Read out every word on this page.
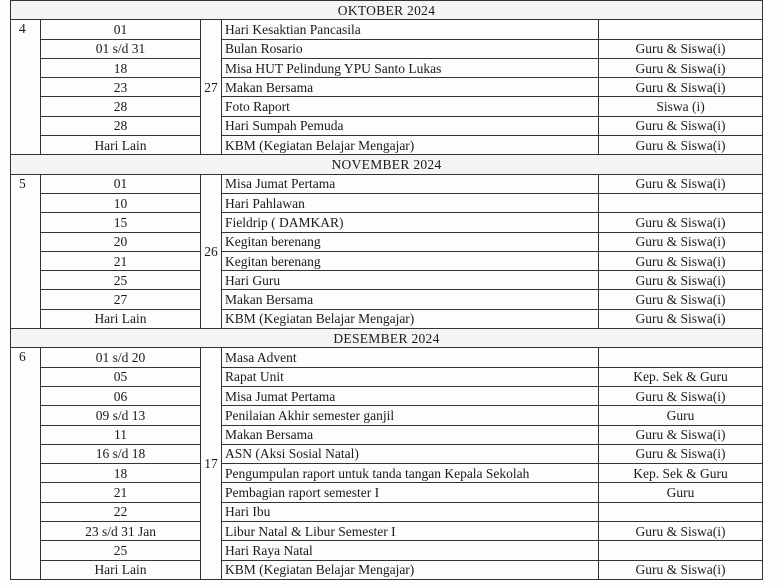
OKTOBER 2024				
4	01	27	Hari Kesaktian Pancasila	
	01 s/d 31		Bulan Rosario	Guru & Siswa(i)
	18		Misa HUT Pelindung YPU Santo Lukas	Guru & Siswa(i)
	23		Makan Bersama	Guru & Siswa(i)
	28		Foto Raport	Siswa (i)
	28		Hari Sumpah Pemuda	Guru & Siswa(i)
	Hari Lain		KBM (Kegiatan Belajar Mengajar)	Guru & Siswa(i)
NOVEMBER 2024				
5	01	26	Misa Jumat Pertama	Guru & Siswa(i)
	10		Hari Pahlawan	
	15		Fieldrip ( DAMKAR)	Guru & Siswa(i)
	20		Kegitan berenang	Guru & Siswa(i)
	21		Kegitan berenang	Guru & Siswa(i)
	25		Hari Guru	Guru & Siswa(i)
	27		Makan Bersama	Guru & Siswa(i)
	Hari Lain		KBM (Kegiatan Belajar Mengajar)	Guru & Siswa(i)
DESEMBER 2024				
6	01 s/d 20	17	Masa Advent	
	05		Rapat Unit	Kep. Sek & Guru
	06		Misa Jumat Pertama	Guru & Siswa(i)
	09 s/d 13		Penilaian Akhir semester ganjil	Guru
	11		Makan Bersama	Guru & Siswa(i)
	16 s/d 18		ASN (Aksi Sosial Natal)	Guru & Siswa(i)
	18		Pengumpulan raport untuk tanda tangan Kepala Sekolah	Kep. Sek & Guru
	21		Pembagian raport semester I	Guru
	22		Hari Ibu	
	23 s/d 31 Jan		Libur Natal & Libur Semester I	Guru & Siswa(i)
	25		Hari Raya Natal	
	Hari Lain		KBM (Kegiatan Belajar Mengajar)	Guru & Siswa(i)
